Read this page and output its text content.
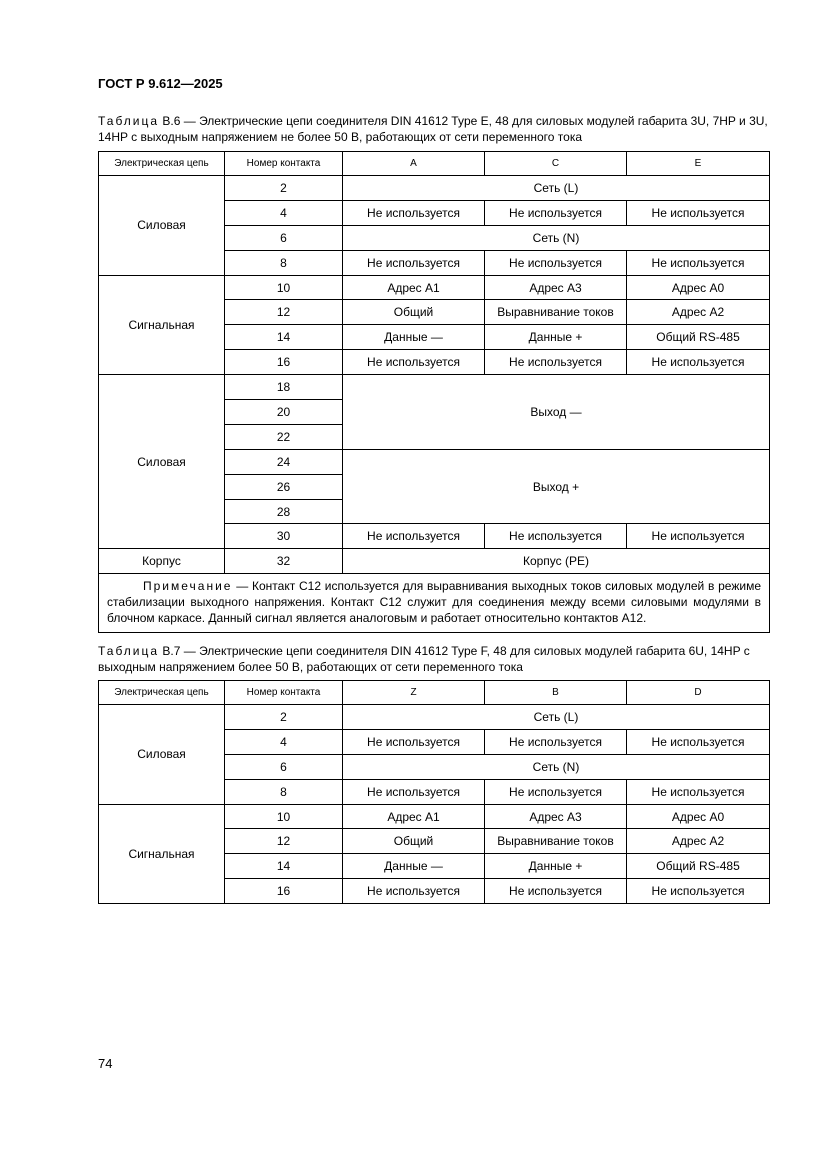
ГОСТ Р 9.612—2025
Таблица В.6 — Электрические цепи соединителя DIN 41612 Type E, 48 для силовых модулей габарита 3U, 7HP и 3U, 14HP с выходным напряжением не более 50 В, работающих от сети переменного тока
Электрическая цепь	Номер контакта	A	C	E
Силовая	2	Сеть (L)		
	4	Не используется	Не используется	Не используется
	6	Сеть (N)		
	8	Не используется	Не используется	Не используется
Сигнальная	10	Адрес A1	Адрес A3	Адрес A0
	12	Общий	Выравнивание токов	Адрес A2
	14	Данные —	Данные +	Общий RS-485
	16	Не используется	Не используется	Не используется
Силовая	18	Выход —		
	20			
	22			
	24	Выход +		
	26			
	28			
	30	Не используется	Не используется	Не используется
Корпус	32	Корпус (PE)		
Примечание — Контакт C12 используется для выравнивания выходных токов силовых модулей в режиме стабилизации выходного напряжения. Контакт C12 служит для соединения между всеми силовыми модулями в блочном каркасе. Данный сигнал является аналоговым и работает относительно контактов A12.				
Таблица В.7 — Электрические цепи соединителя DIN 41612 Type F, 48 для силовых модулей габарита 6U, 14HP с выходным напряжением более 50 В, работающих от сети переменного тока
Электрическая цепь	Номер контакта	Z	B	D
Силовая	2	Сеть (L)		
	4	Не используется	Не используется	Не используется
	6	Сеть (N)		
	8	Не используется	Не используется	Не используется
Сигнальная	10	Адрес A1	Адрес A3	Адрес A0
	12	Общий	Выравнивание токов	Адрес A2
	14	Данные —	Данные +	Общий RS-485
	16	Не используется	Не используется	Не используется
74
